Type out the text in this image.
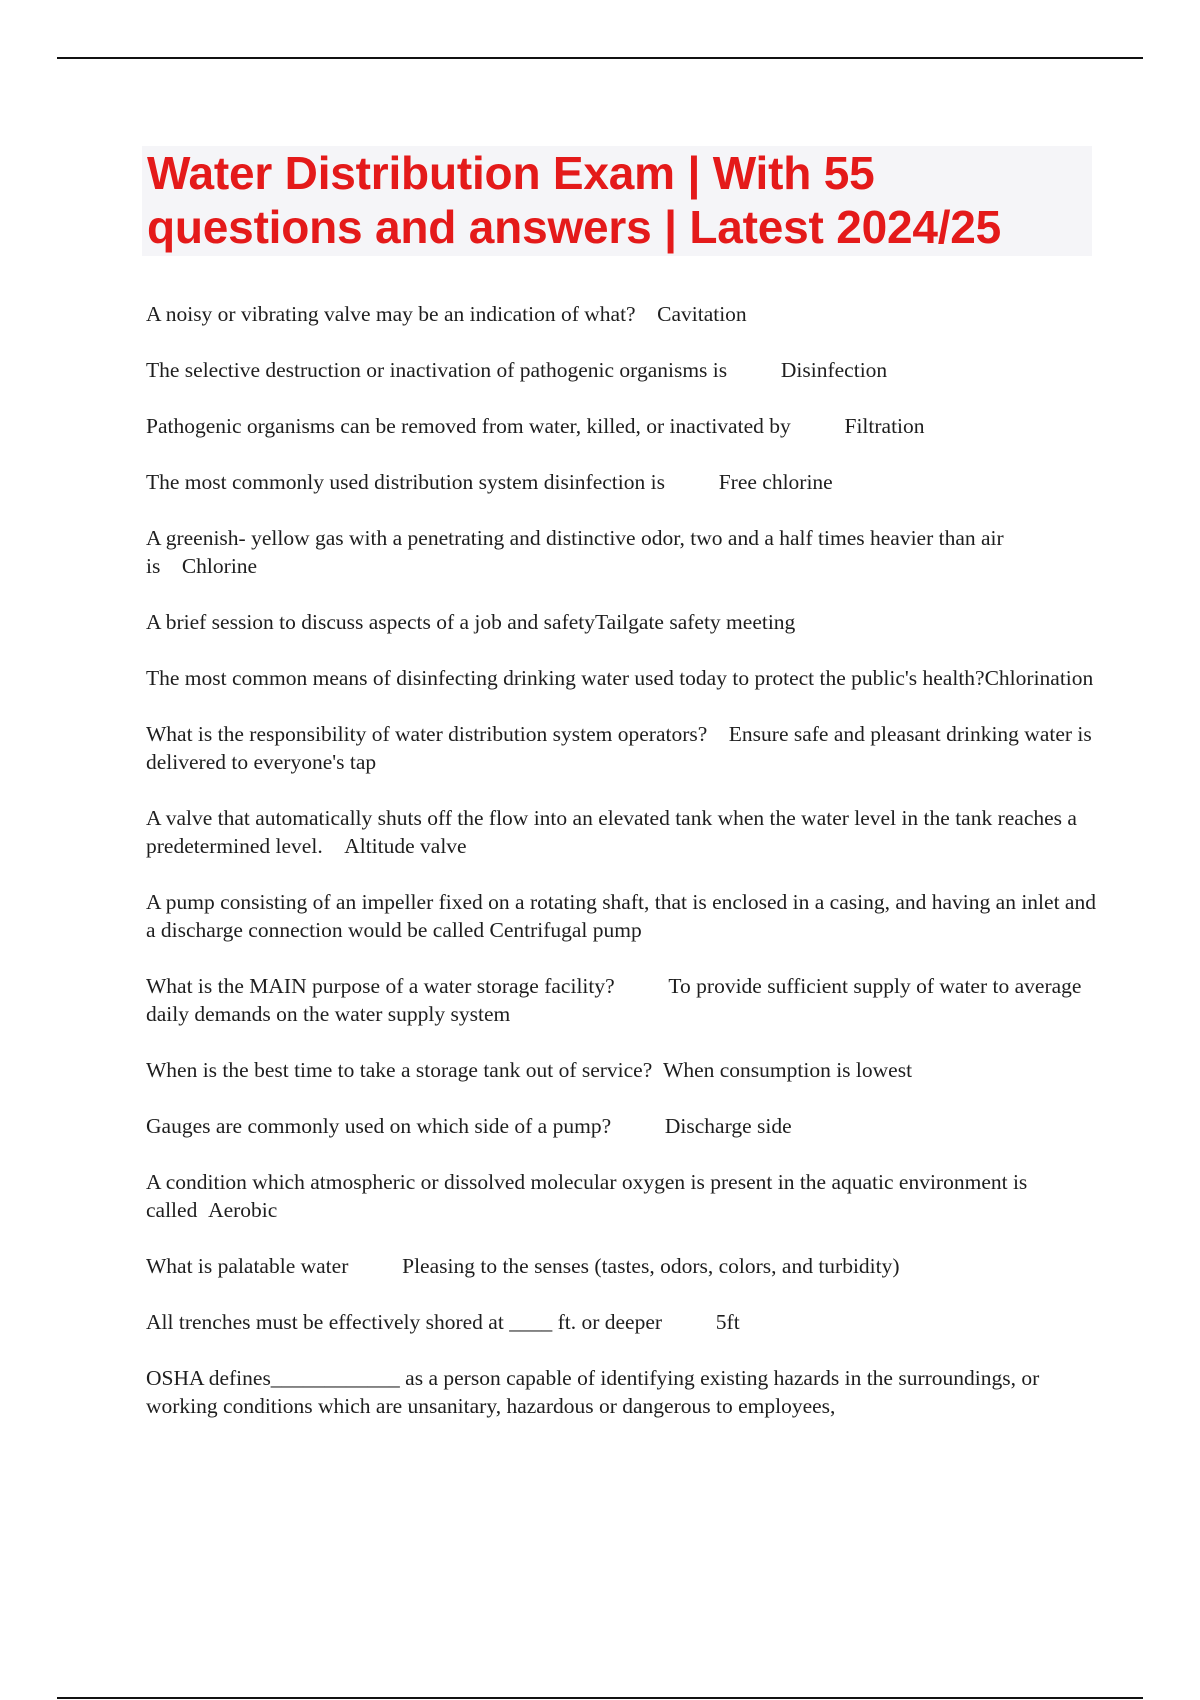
Water Distribution Exam | With 55 questions and answers | Latest 2024/25

A noisy or vibrating valve may be an indication of what? Cavitation

The selective destruction or inactivation of pathogenic organisms is	Disinfection

Pathogenic organisms can be removed from water, killed, or inactivated by	Filtration

The most commonly used distribution system disinfection is	Free chlorine

A greenish- yellow gas with a penetrating and distinctive odor, two and a half times heavier than air is Chlorine

A brief session to discuss aspects of a job and safetyTailgate safety meeting

The most common means of disinfecting drinking water used today to protect the public's health?Chlorination

What is the responsibility of water distribution system operators? Ensure safe and pleasant drinking water is delivered to everyone's tap

A valve that automatically shuts off the flow into an elevated tank when the water level in the tank reaches a predetermined level. Altitude valve

A pump consisting of an impeller fixed on a rotating shaft, that is enclosed in a casing, and having an inlet and a discharge connection would be called Centrifugal pump

What is the MAIN purpose of a water storage facility?	To provide sufficient supply of water to average daily demands on the water supply system

When is the best time to take a storage tank out of service? When consumption is lowest

Gauges are commonly used on which side of a pump?	Discharge side

A condition which atmospheric or dissolved molecular oxygen is present in the aquatic environment is called Aerobic

What is palatable water	Pleasing to the senses (tastes, odors, colors, and turbidity)

All trenches must be effectively shored at ____ ft. or deeper	5ft

OSHA defines____________ as a person capable of identifying existing hazards in the surroundings, or working conditions which are unsanitary, hazardous or dangerous to employees,
